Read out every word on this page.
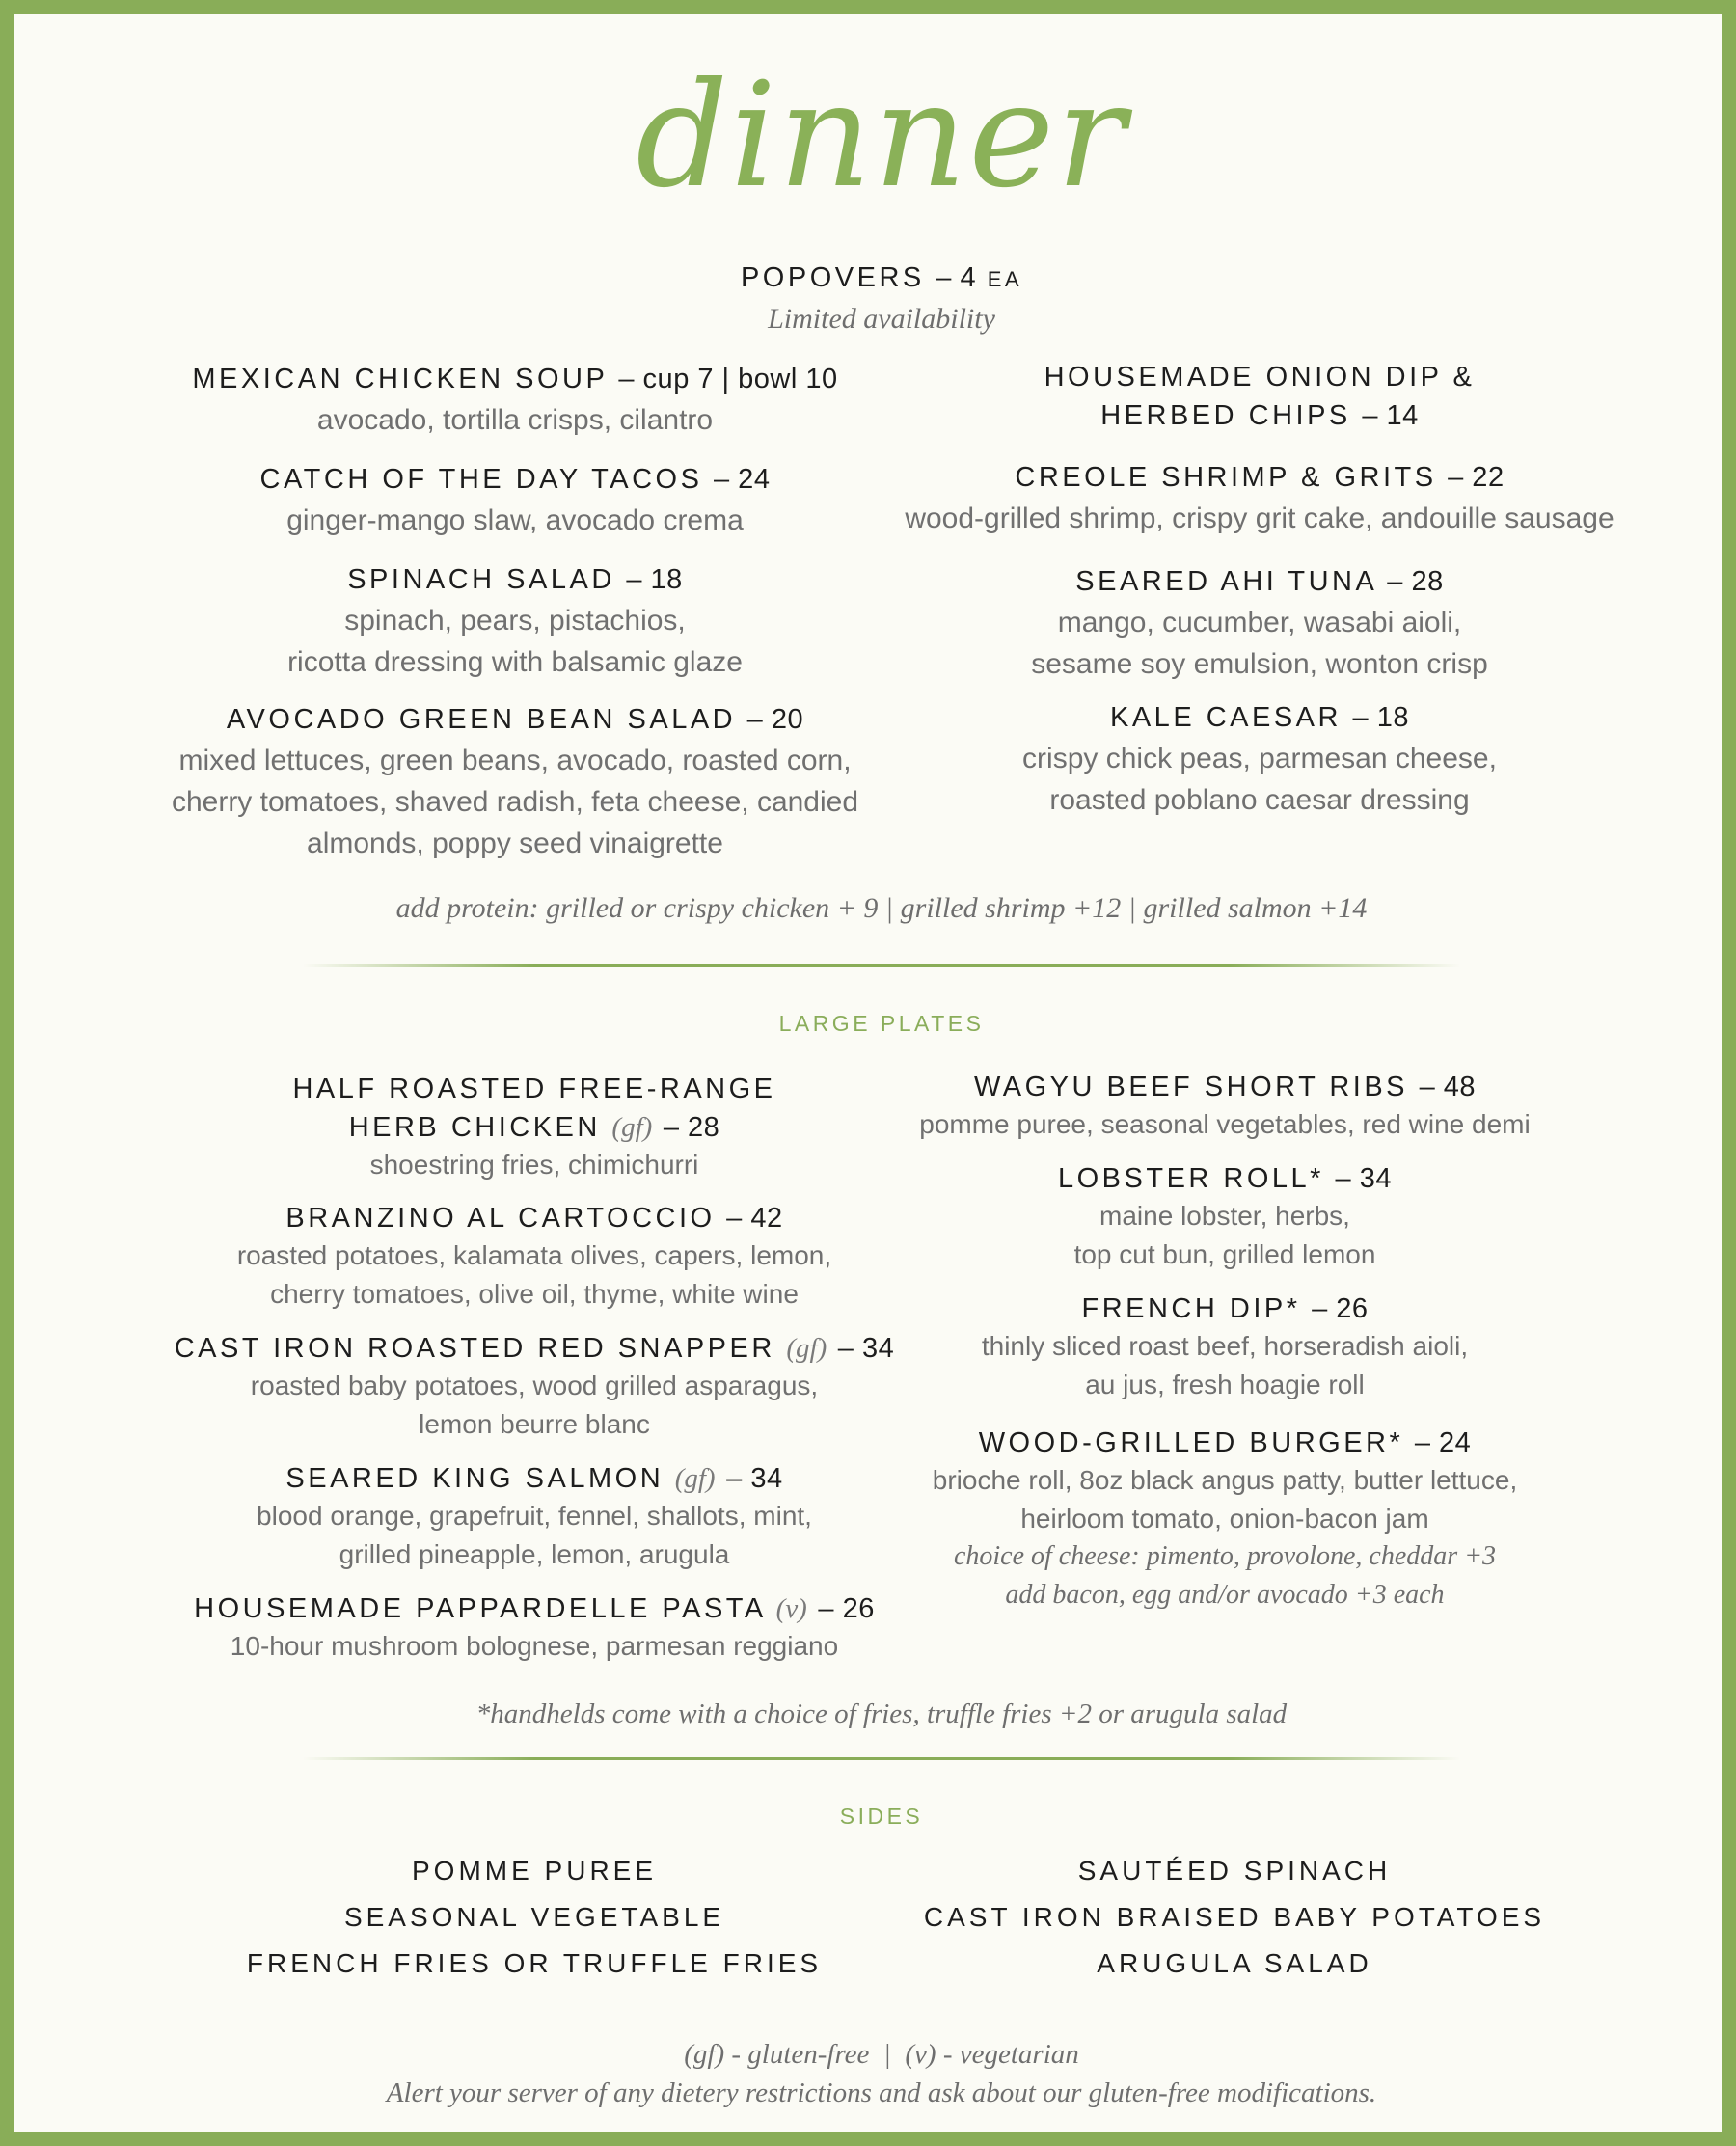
dinner
POPOVERS – 4 EA
Limited availability
MEXICAN CHICKEN SOUP – cup 7 | bowl 10
avocado, tortilla crisps, cilantro
CATCH OF THE DAY TACOS – 24
ginger-mango slaw, avocado crema
SPINACH SALAD – 18
spinach, pears, pistachios,
ricotta dressing with balsamic glaze
AVOCADO GREEN BEAN SALAD – 20
mixed lettuces, green beans, avocado, roasted corn,
cherry tomatoes, shaved radish, feta cheese, candied
almonds, poppy seed vinaigrette
HOUSEMADE ONION DIP &
HERBED CHIPS – 14
CREOLE SHRIMP & GRITS – 22
wood-grilled shrimp, crispy grit cake, andouille sausage
SEARED AHI TUNA – 28
mango, cucumber, wasabi aioli,
sesame soy emulsion, wonton crisp
KALE CAESAR – 18
crispy chick peas, parmesan cheese,
roasted poblano caesar dressing
add protein: grilled or crispy chicken + 9 | grilled shrimp +12 | grilled salmon +14
LARGE PLATES
HALF ROASTED FREE-RANGE
HERB CHICKEN (gf) – 28
shoestring fries, chimichurri
BRANZINO AL CARTOCCIO – 42
roasted potatoes, kalamata olives, capers, lemon,
cherry tomatoes, olive oil, thyme, white wine
CAST IRON ROASTED RED SNAPPER (gf) – 34
roasted baby potatoes, wood grilled asparagus,
lemon beurre blanc
SEARED KING SALMON (gf) – 34
blood orange, grapefruit, fennel, shallots, mint,
grilled pineapple, lemon, arugula
HOUSEMADE PAPPARDELLE PASTA (v) – 26
10-hour mushroom bolognese, parmesan reggiano
WAGYU BEEF SHORT RIBS – 48
pomme puree, seasonal vegetables, red wine demi
LOBSTER ROLL* – 34
maine lobster, herbs,
top cut bun, grilled lemon
FRENCH DIP* – 26
thinly sliced roast beef, horseradish aioli,
au jus, fresh hoagie roll
WOOD-GRILLED BURGER* – 24
brioche roll, 8oz black angus patty, butter lettuce,
heirloom tomato, onion-bacon jam
choice of cheese: pimento, provolone, cheddar +3
add bacon, egg and/or avocado +3 each
*handhelds come with a choice of fries, truffle fries +2 or arugula salad
SIDES
POMME PUREE
SEASONAL VEGETABLE
FRENCH FRIES OR TRUFFLE FRIES
SAUTÉED SPINACH
CAST IRON BRAISED BABY POTATOES
ARUGULA SALAD
(gf) - gluten-free  |  (v) - vegetarian
Alert your server of any dietery restrictions and ask about our gluten-free modifications.
